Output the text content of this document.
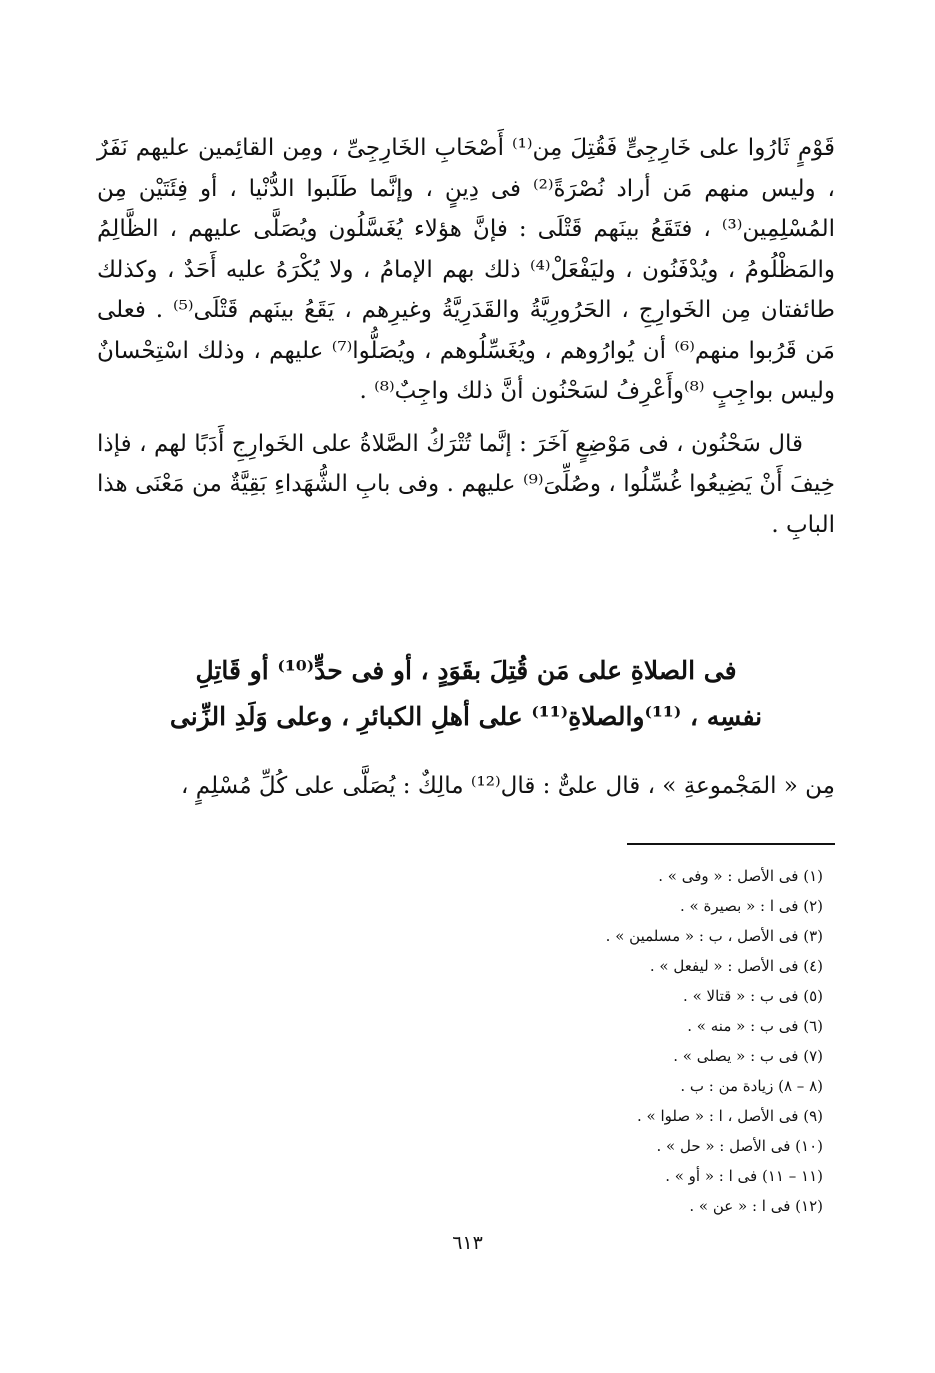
قَوْمٍ ثَارُوا على خَارِجِىٍّ فَقُتِلَ مِن⁽¹⁾ أَصْحَابِ الخَارِجِىِّ ، ومِن القائِمين عليهم نَفَرٌ ، وليس منهم مَن أراد نُصْرَةً⁽²⁾ فى دِينٍ ، وإنَّما طَلَبوا الدُّنْيا ، أو فِئَتَيْن مِن المُسْلِمِين⁽³⁾ ، فتَقَعُ بينَهم قَتْلَى : فإنَّ هؤلاء يُغَسَّلُون ويُصَلَّى عليهم ، الظَّالِمُ والمَظْلُومُ ، ويُدْفَنُون ، وليَفْعَلْ⁽⁴⁾ ذلك بهم الإمامُ ، ولا يُكْرَهُ عليه أَحَدٌ ، وكذلك طائفتان مِن الخَوارِجِ ، الحَرُورِيَّةُ والقَدَرِيَّةُ وغيرِهم ، يَقَعُ بينَهم قَتْلَى⁽⁵⁾ . فعلى مَن قَرُبوا منهم⁽⁶⁾ أن يُوارُوهم ، ويُغَسِّلُوهم ، ويُصَلُّوا⁽⁷⁾ عليهم ، وذلك اسْتِحْسانٌ وليس بواجِبٍ ⁽⁸⁾وأَعْرِفُ لسَحْنُون أنَّ ذلك واجِبٌ⁽⁸⁾ .

قال سَحْنُون ، فى مَوْضِعٍ آخَرَ : إنَّما تُتْرَكُ الصَّلاةُ على الخَوارِجِ أَدَبًا لهم ، فإذا خِيفَ أَنْ يَضِيعُوا غُسِّلُوا ، وصُلِّىَ⁽⁹⁾ عليهم . وفى بابِ الشُّهَداءِ بَقِيَّةٌ من مَعْنَى هذا البابِ .

فى الصلاةِ على مَن قُتِلَ بقَوَدٍ ، أو فى حدٍّ⁽¹⁰⁾ أو قَاتِلِ

نفسِه ، ⁽¹¹⁾والصلاةِ⁽¹¹⁾ على أهلِ الكبائرِ ، وعلى وَلَدِ الزِّنى

مِن « المَجْموعةِ » ، قال علىٌّ : قال⁽¹²⁾ مالِكٌ : يُصَلَّى على كُلِّ مُسْلِمٍ ،
(١) فى الأصل : « وفى » .
(٢) فى ا : « بصيرة » .
(٣) فى الأصل ، ب : « مسلمين » .
(٤) فى الأصل : « ليفعل » .
(٥) فى ب : « قتالا » .
(٦) فى ب : « منه » .
(٧) فى ب : « يصلى » .
(٨ – ٨) زيادة من : ب .
(٩) فى الأصل ، ا : « صلوا » .
(١٠) فى الأصل : « حل » .
(١١ – ١١) فى ا : « أو » .
(١٢) فى ا : « عن » .
٦١٣
